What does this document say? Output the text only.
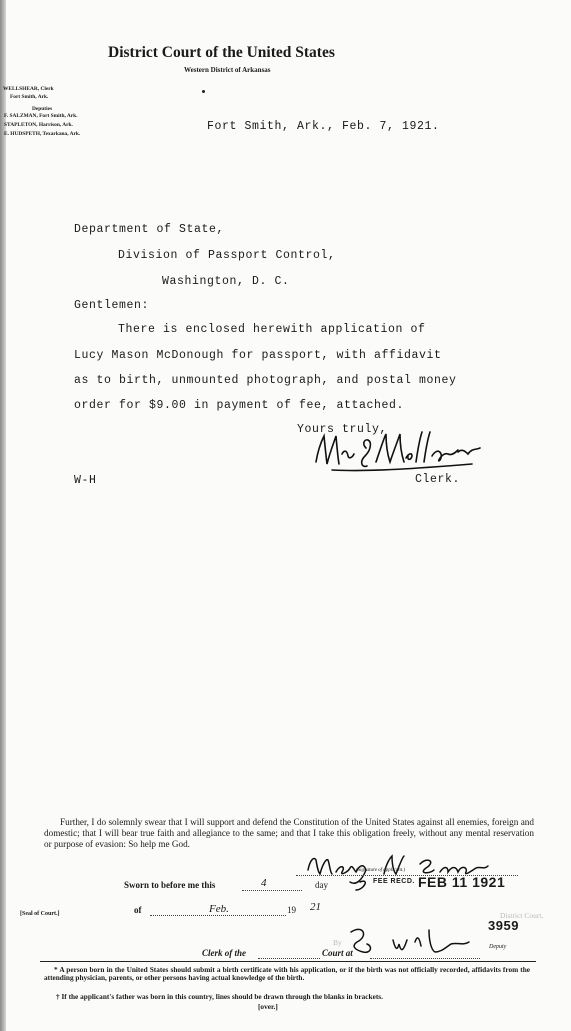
District Court of the United States
Western District of Arkansas
WELLSHEAR, Clerk
Fort Smith, Ark.
Deputies
F. SALZMAN, Fort Smith, Ark.
STAPLETON, Harrison, Ark.
E. HUDSPETH, Texarkana, Ark.
Fort Smith, Ark., Feb. 7, 1921.
Department of State,
Division of Passport Control,
Washington, D. C.
Gentlemen:
There is enclosed herewith application of
Lucy Mason McDonough for passport, with affidavit
as to birth, unmounted photograph, and postal money
order for $9.00 in payment of fee, attached.
Yours truly,
Clerk.
W-H
Further, I do solemnly swear that I will support and defend the Constitution of the United States against all enemies, foreign and domestic; that I will bear true faith and allegiance to the same; and that I take this obligation freely, without any mental reservation or purpose of evasion: So help me God.
(Signature of applicant.)
Sworn to before me this	4	day	FEE RECD. FEB 11 1921
[Seal of Court.]	of	Feb.	19 21
District Court,
By
Clerk of the	Court at
Deputy
3959
* A person born in the United States should submit a birth certificate with his application, or if the birth was not officially recorded, affidavits from the attending physician, parents, or other persons having actual knowledge of the birth.
† If the applicant's father was born in this country, lines should be drawn through the blanks in brackets.
[over.]
